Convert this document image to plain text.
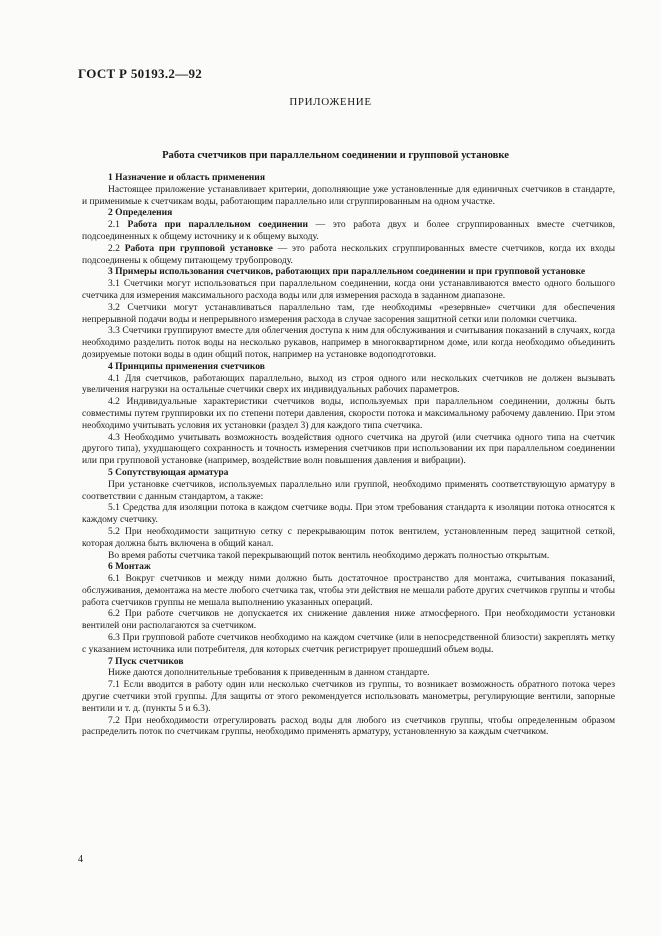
ГОСТ Р 50193.2—92
ПРИЛОЖЕНИЕ
Работа счетчиков при параллельном соединении и групповой установке

1 Назначение и область применения

Настоящее приложение устанавливает критерии, дополняющие уже установленные для единичных счетчиков в стандарте, и применимые к счетчикам воды, работающим параллельно или сгруппированным на одном участке.

2 Определения

2.1 Работа при параллельном соединении — это работа двух и более сгруппированных вместе счетчиков, подсоединенных к общему источнику и к общему выходу.

2.2 Работа при групповой установке — это работа нескольких сгруппированных вместе счетчиков, когда их входы подсоединены к общему питающему трубопроводу.

3 Примеры использования счетчиков, работающих при параллельном соединении и при групповой установке

3.1 Счетчики могут использоваться при параллельном соединении, когда они устанавливаются вместо одного большого счетчика для измерения максимального расхода воды или для измерения расхода в заданном диапазоне.

3.2 Счетчики могут устанавливаться параллельно там, где необходимы «резервные» счетчики для обеспечения непрерывной подачи воды и непрерывного измерения расхода в случае засорения защитной сетки или поломки счетчика.

3.3 Счетчики группируют вместе для облегчения доступа к ним для обслуживания и считывания показаний в случаях, когда необходимо разделить поток воды на несколько рукавов, например в многоквартирном доме, или когда необходимо объединить дозируемые потоки воды в один общий поток, например на установке водоподготовки.

4 Принципы применения счетчиков

4.1 Для счетчиков, работающих параллельно, выход из строя одного или нескольких счетчиков не должен вызывать увеличения нагрузки на остальные счетчики сверх их индивидуальных рабочих параметров.

4.2 Индивидуальные характеристики счетчиков воды, используемых при параллельном соединении, должны быть совместимы путем группировки их по степени потери давления, скорости потока и максимальному рабочему давлению. При этом необходимо учитывать условия их установки (раздел 3) для каждого типа счетчика.

4.3 Необходимо учитывать возможность воздействия одного счетчика на другой (или счетчика одного типа на счетчик другого типа), ухудшающего сохранность и точность измерения счетчиков при использовании их при параллельном соединении или при групповой установке (например, воздействие волн повышения давления и вибрации).

5 Сопутствующая арматура

При установке счетчиков, используемых параллельно или группой, необходимо применять соответствующую арматуру в соответствии с данным стандартом, а также:

5.1 Средства для изоляции потока в каждом счетчике воды. При этом требования стандарта к изоляции потока относятся к каждому счетчику.

5.2 При необходимости защитную сетку с перекрывающим поток вентилем, установленным перед защитной сеткой, которая должна быть включена в общий канал.

Во время работы счетчика такой перекрывающий поток вентиль необходимо держать полностью открытым.

6 Монтаж

6.1 Вокруг счетчиков и между ними должно быть достаточное пространство для монтажа, считывания показаний, обслуживания, демонтажа на месте любого счетчика так, чтобы эти действия не мешали работе других счетчиков группы и чтобы работа счетчиков группы не мешала выполнению указанных операций.

6.2 При работе счетчиков не допускается их снижение давления ниже атмосферного. При необходимости установки вентилей они располагаются за счетчиком.

6.3 При групповой работе счетчиков необходимо на каждом счетчике (или в непосредственной близости) закреплять метку с указанием источника или потребителя, для которых счетчик регистрирует прошедший объем воды.

7 Пуск счетчиков

Ниже даются дополнительные требования к приведенным в данном стандарте.

7.1 Если вводится в работу один или несколько счетчиков из группы, то возникает возможность обратного потока через другие счетчики этой группы. Для защиты от этого рекомендуется использовать манометры, регулирующие вентили, запорные вентили и т. д. (пункты 5 и 6.3).

7.2 При необходимости отрегулировать расход воды для любого из счетчиков группы, чтобы определенным образом распределить поток по счетчикам группы, необходимо применять арматуру, установленную за каждым счетчиком.

4
